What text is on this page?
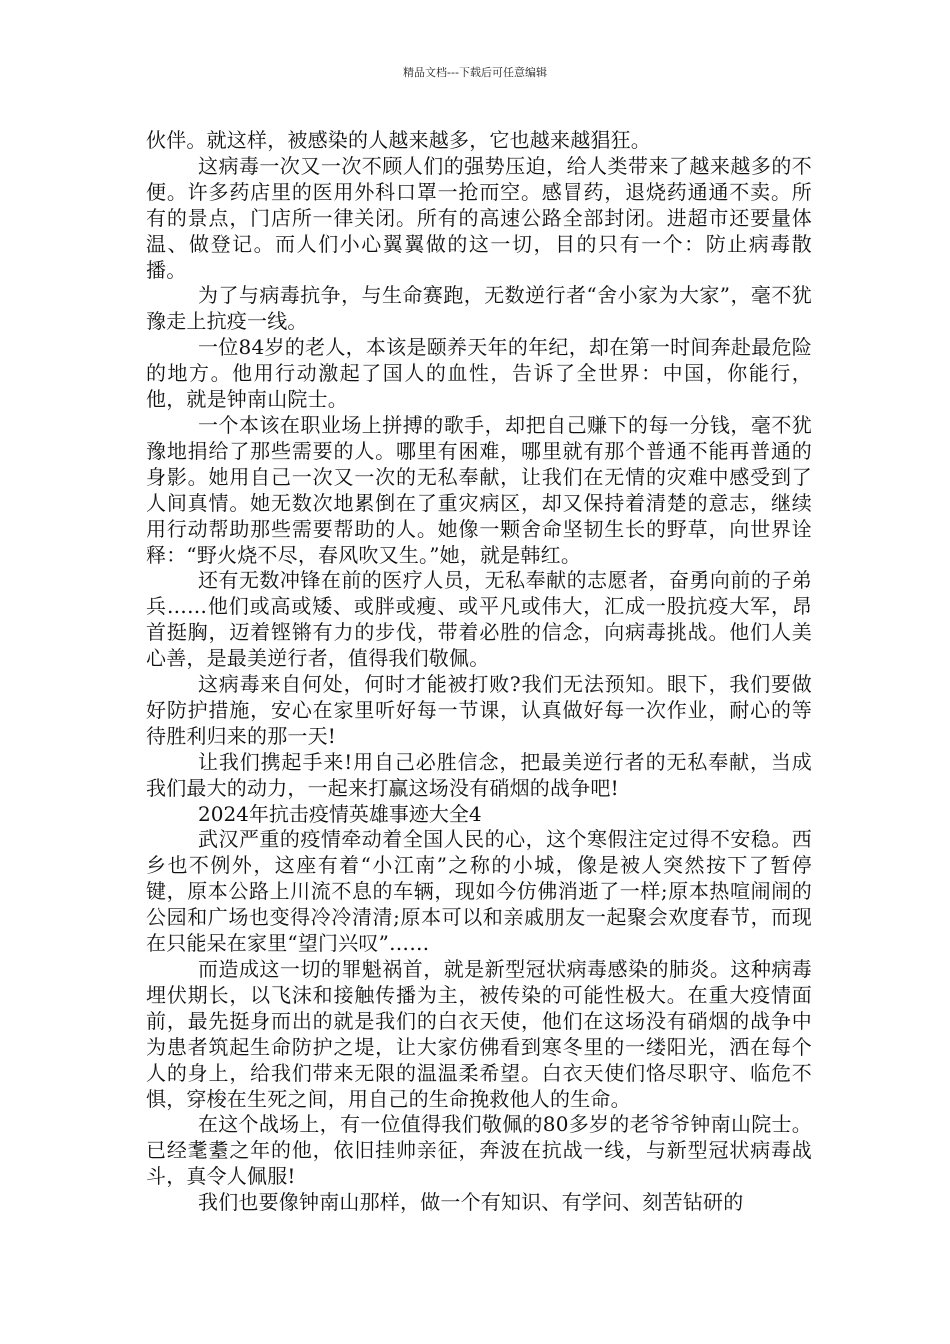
精品文档---下载后可任意编辑

伙伴。就这样，被感染的人越来越多，它也越来越猖狂。

这病毒一次又一次不顾人们的强势压迫，给人类带来了越来越多的不便。许多药店里的医用外科口罩一抢而空。感冒药，退烧药通通不卖。所有的景点，门店所一律关闭。所有的高速公路全部封闭。进超市还要量体温、做登记。而人们小心翼翼做的这一切，目的只有一个：防止病毒散播。

为了与病毒抗争，与生命赛跑，无数逆行者“舍小家为大家”，毫不犹豫走上抗疫一线。

一位84岁的老人，本该是颐养天年的年纪，却在第一时间奔赴最危险的地方。他用行动激起了国人的血性，告诉了全世界：中国，你能行，他，就是钟南山院士。

一个本该在职业场上拼搏的歌手，却把自己赚下的每一分钱，毫不犹豫地捐给了那些需要的人。哪里有困难，哪里就有那个普通不能再普通的身影。她用自己一次又一次的无私奉献，让我们在无情的灾难中感受到了人间真情。她无数次地累倒在了重灾病区，却又保持着清楚的意志，继续用行动帮助那些需要帮助的人。她像一颗舍命坚韧生长的野草，向世界诠释：“野火烧不尽，春风吹又生。”她，就是韩红。

还有无数冲锋在前的医疗人员，无私奉献的志愿者，奋勇向前的子弟兵……他们或高或矮、或胖或瘦、或平凡或伟大，汇成一股抗疫大军，昂首挺胸，迈着铿锵有力的步伐，带着必胜的信念，向病毒挑战。他们人美心善，是最美逆行者，值得我们敬佩。

这病毒来自何处，何时才能被打败?我们无法预知。眼下，我们要做好防护措施，安心在家里听好每一节课，认真做好每一次作业，耐心的等待胜利归来的那一天!

让我们携起手来!用自己必胜信念，把最美逆行者的无私奉献，当成我们最大的动力，一起来打赢这场没有硝烟的战争吧!

2024年抗击疫情英雄事迹大全4

武汉严重的疫情牵动着全国人民的心，这个寒假注定过得不安稳。西乡也不例外，这座有着“小江南”之称的小城，像是被人突然按下了暂停键，原本公路上川流不息的车辆，现如今仿佛消逝了一样;原本热喧闹闹的公园和广场也变得冷冷清清;原本可以和亲戚朋友一起聚会欢度春节，而现在只能呆在家里“望门兴叹”……

而造成这一切的罪魁祸首，就是新型冠状病毒感染的肺炎。这种病毒埋伏期长，以飞沫和接触传播为主，被传染的可能性极大。在重大疫情面前，最先挺身而出的就是我们的白衣天使，他们在这场没有硝烟的战争中为患者筑起生命防护之堤，让大家仿佛看到寒冬里的一缕阳光，洒在每个人的身上，给我们带来无限的温温柔希望。白衣天使们恪尽职守、临危不惧，穿梭在生死之间，用自己的生命挽救他人的生命。

在这个战场上，有一位值得我们敬佩的80多岁的老爷爷钟南山院士。已经耄耋之年的他，依旧挂帅亲征，奔波在抗战一线，与新型冠状病毒战斗，真令人佩服!

我们也要像钟南山那样，做一个有知识、有学问、刻苦钻研的
